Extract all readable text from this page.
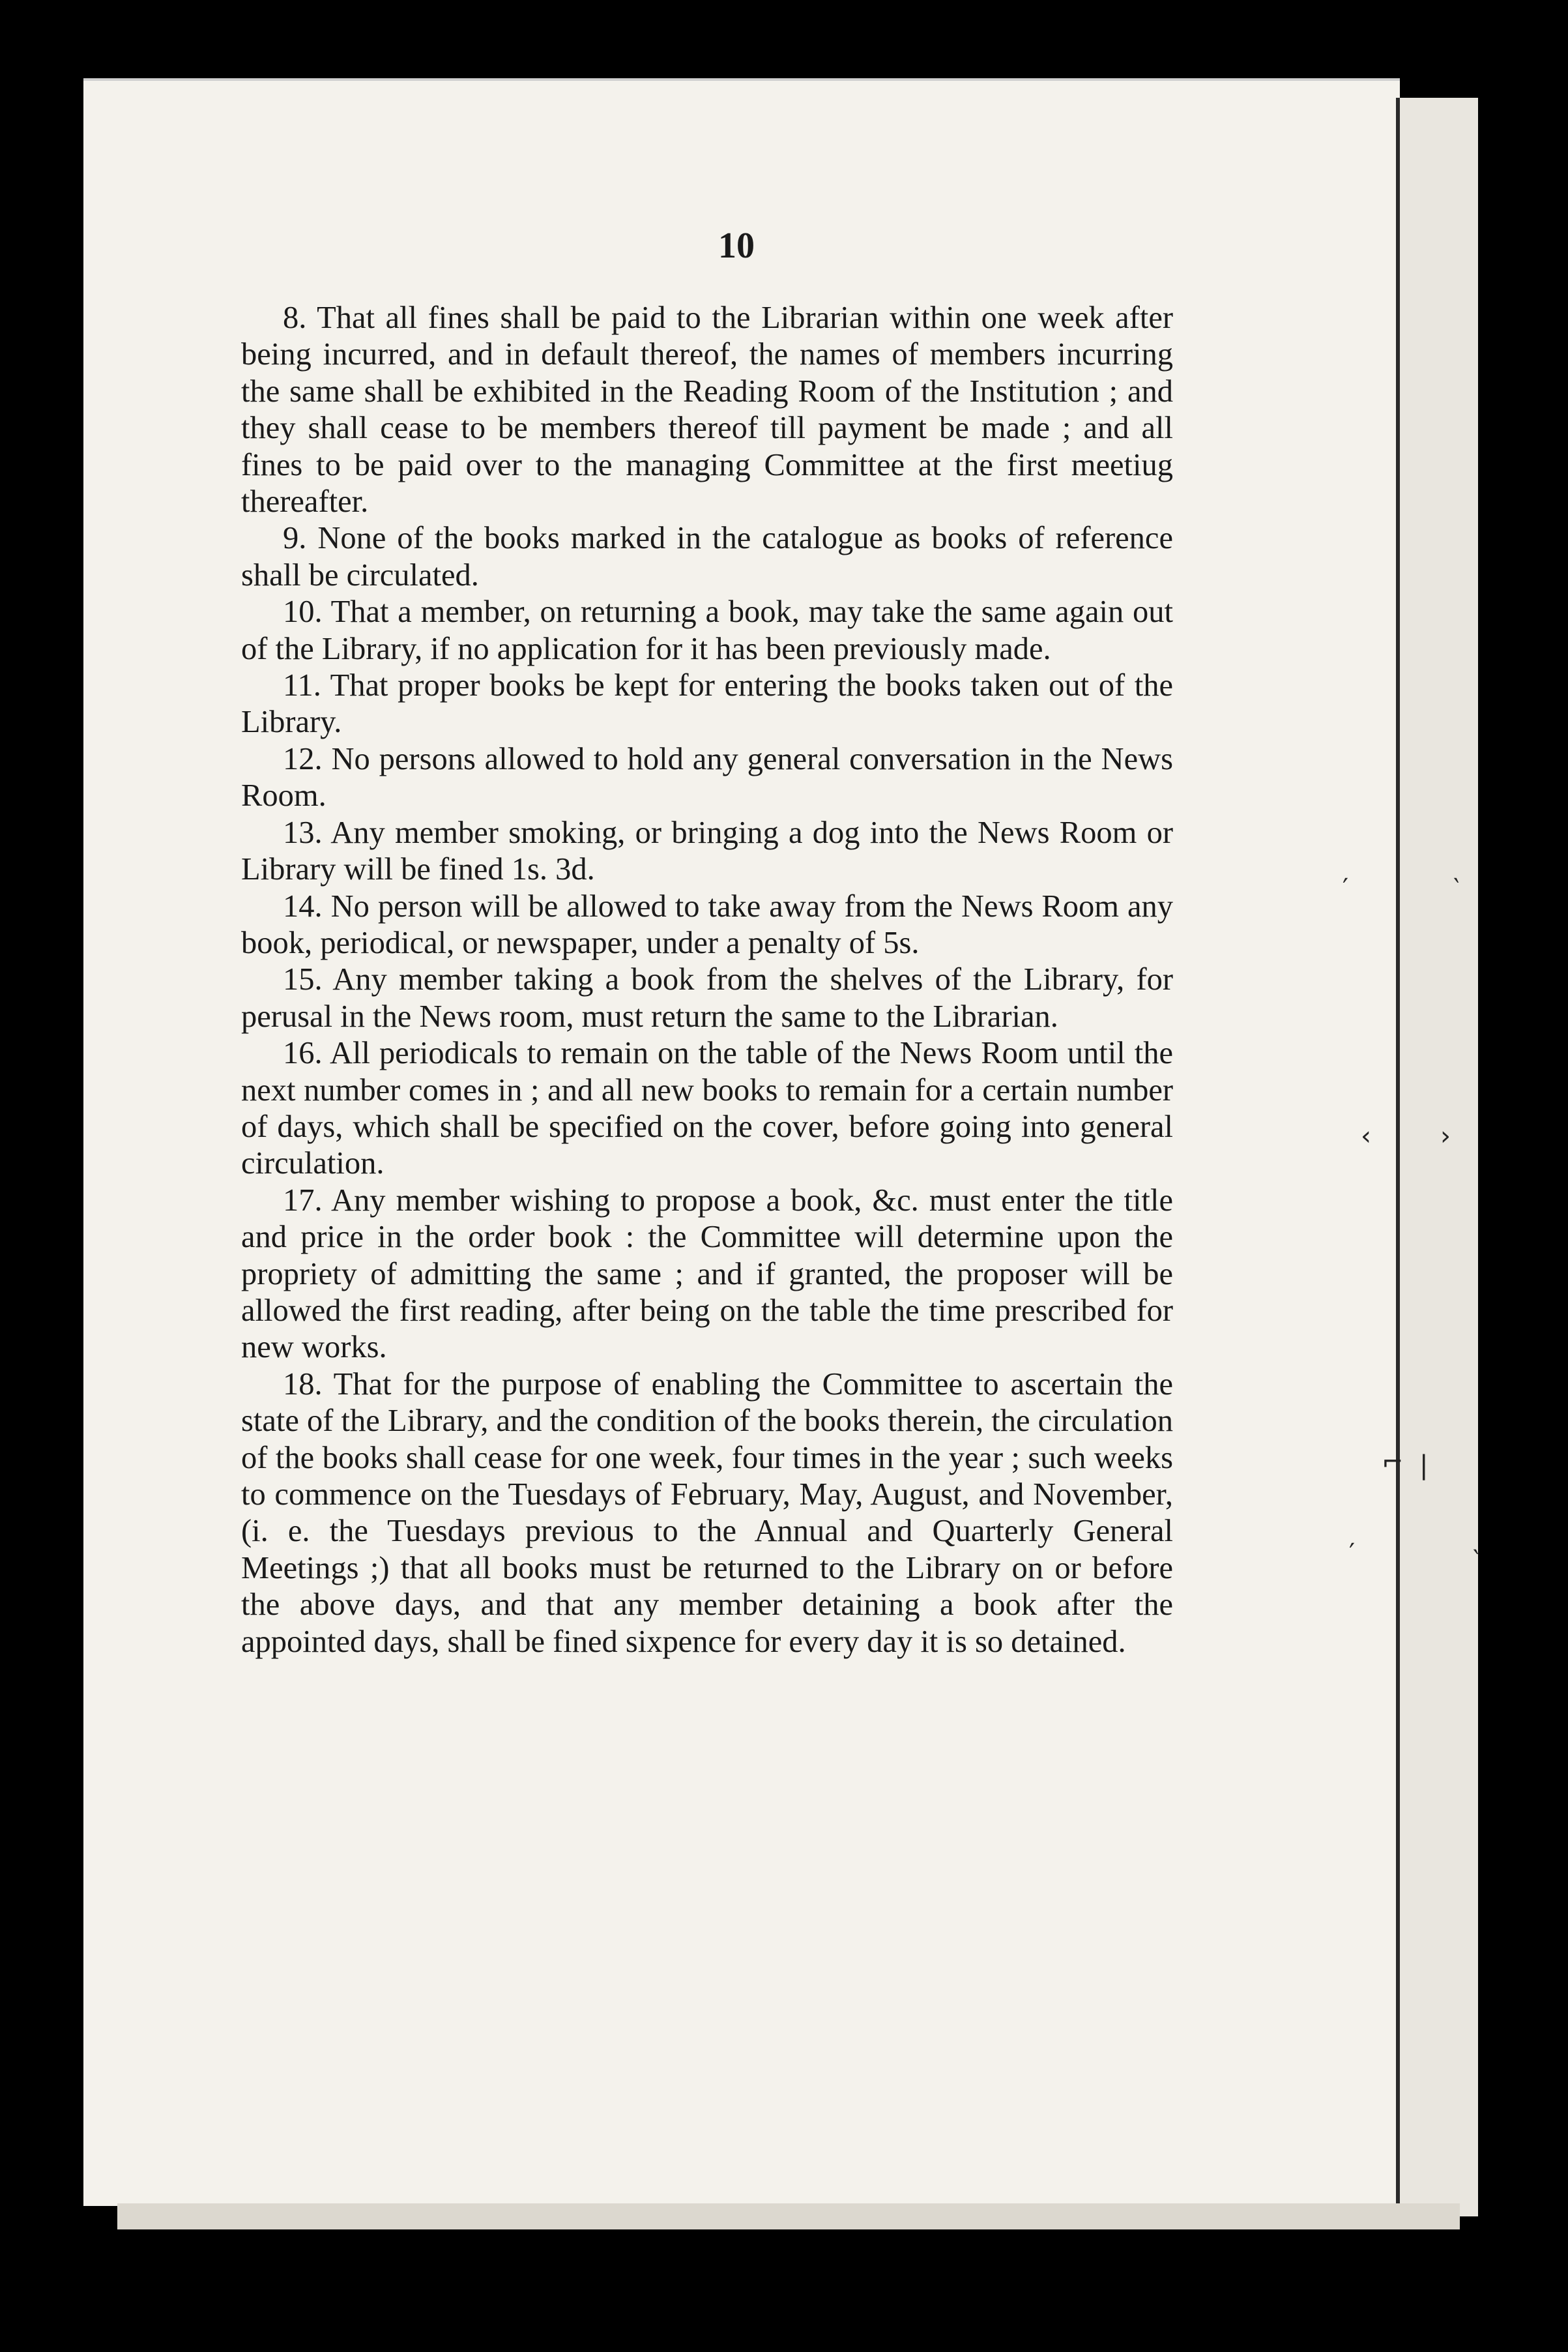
′	‵
‹	›
⌐ |
′	‵
10

8. That all fines shall be paid to the Librarian within one week after being incurred, and in default thereof, the names of members incurring the same shall be exhibited in the Reading Room of the Institution ; and they shall cease to be members thereof till payment be made ; and all fines to be paid over to the managing Committee at the first meetiug thereafter.

9. None of the books marked in the catalogue as books of reference shall be circulated.

10. That a member, on returning a book, may take the same again out of the Library, if no application for it has been previously made.

11. That proper books be kept for entering the books taken out of the Library.

12. No persons allowed to hold any general conversation in the News Room.

13. Any member smoking, or bringing a dog into the News Room or Library will be fined 1s. 3d.

14. No person will be allowed to take away from the News Room any book, periodical, or newspaper, under a penalty of 5s.

15. Any member taking a book from the shelves of the Library, for perusal in the News room, must return the same to the Librarian.

16. All periodicals to remain on the table of the News Room until the next number comes in ; and all new books to remain for a certain number of days, which shall be specified on the cover, before going into general circulation.

17. Any member wishing to propose a book, &c. must enter the title and price in the order book : the Committee will determine upon the propriety of admitting the same ; and if granted, the proposer will be allowed the first reading, after being on the table the time prescribed for new works.

18. That for the purpose of enabling the Committee to ascertain the state of the Library, and the condition of the books therein, the circulation of the books shall cease for one week, four times in the year ; such weeks to commence on the Tuesdays of February, May, August, and November, (i. e. the Tuesdays previous to the Annual and Quarterly General Meetings ;) that all books must be returned to the Library on or before the above days, and that any member detaining a book after the appointed days, shall be fined sixpence for every day it is so detained.
